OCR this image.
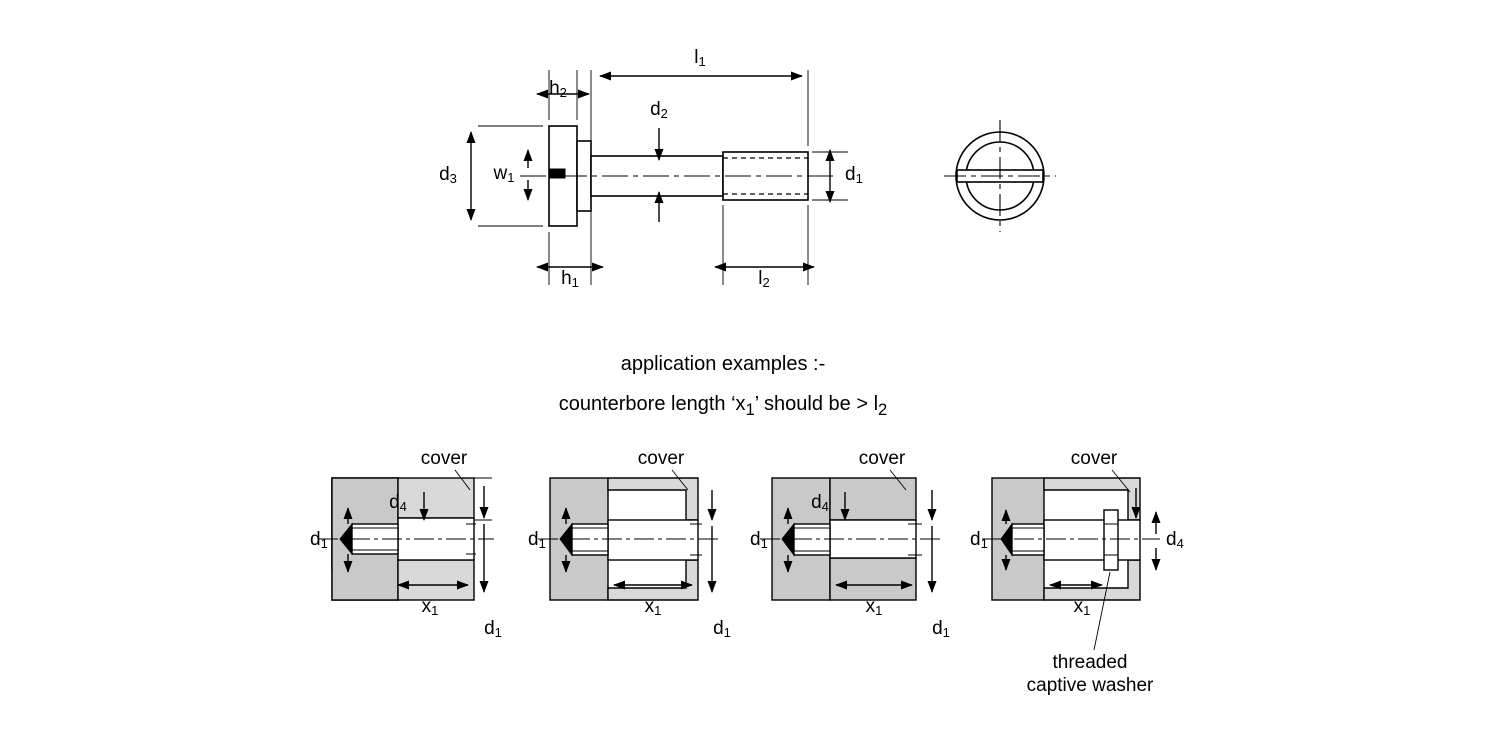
$l_1$
$h_2$
$d_2$
$d_3$ $w_1$	$d_1$
$h_1$	$l_2$
application examples :-
counterbore length ‘$x_1$’ should be > $l_2$
cover
$d_4$
$d_1$
$x_1$
$d_1$
cover
$d_1$
$x_1$
$d_1$
cover
$d_4$
$d_1$
$x_1$
$d_1$
cover
$d_1$
$x_1$
$d_4$
threaded
captive washer
